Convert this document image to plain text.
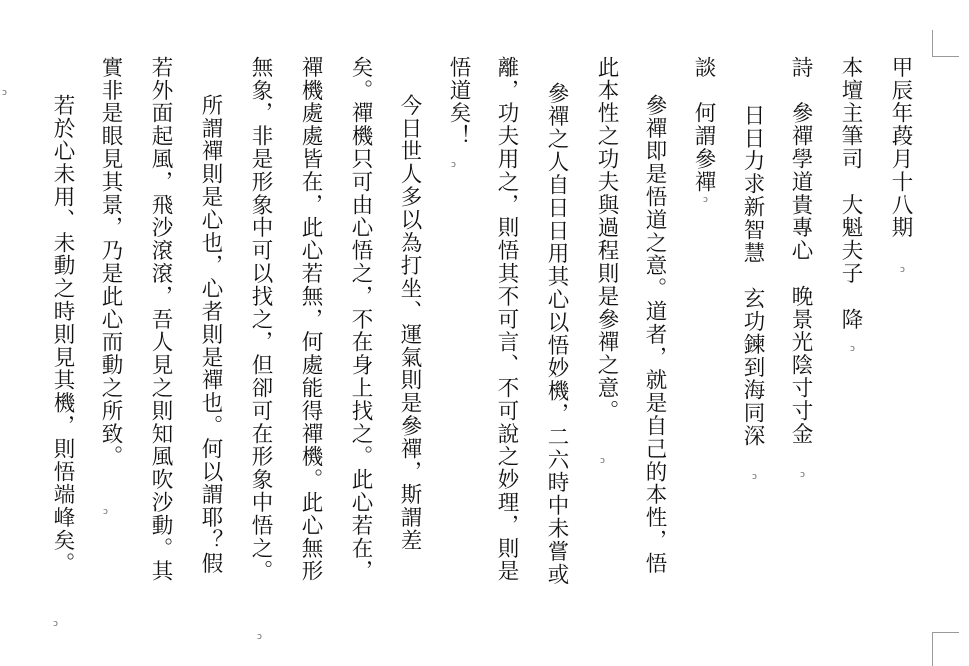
甲辰年葮月十八期
ↄ
本壇主筆司　大魁夫子　降
ↄ
詩　參禪學道貴專心　晚景光陰寸寸金
ↄ
日日力求新智慧　玄功鍊到海同深
ↄ
談　何謂參禪
ↄ
參禪即是悟道之意。道者，就是自己的本性，悟
此本性之功夫與過程則是參禪之意。
ↄ
參禪之人自日日用其心以悟妙機，二六時中未嘗或
離，功夫用之，則悟其不可言、不可說之妙理，則是
悟道矣！
ↄ
今日世人多以為打坐、運氣則是參禪，斯謂差
矣。禪機只可由心悟之，不在身上找之。此心若在，
禪機處處皆在，此心若無，何處能得禪機。此心無形
無象，非是形象中可以找之，但卻可在形象中悟之。
ↄ
所謂禪則是心也，心者則是禪也。何以謂耶？假
若外面起風，飛沙滾滾，吾人見之則知風吹沙動。其
實非是眼見其景，乃是此心而動之所致。
ↄ
若於心未用、未動之時則見其機，則悟端峰矣。
ↄ
ↄ
